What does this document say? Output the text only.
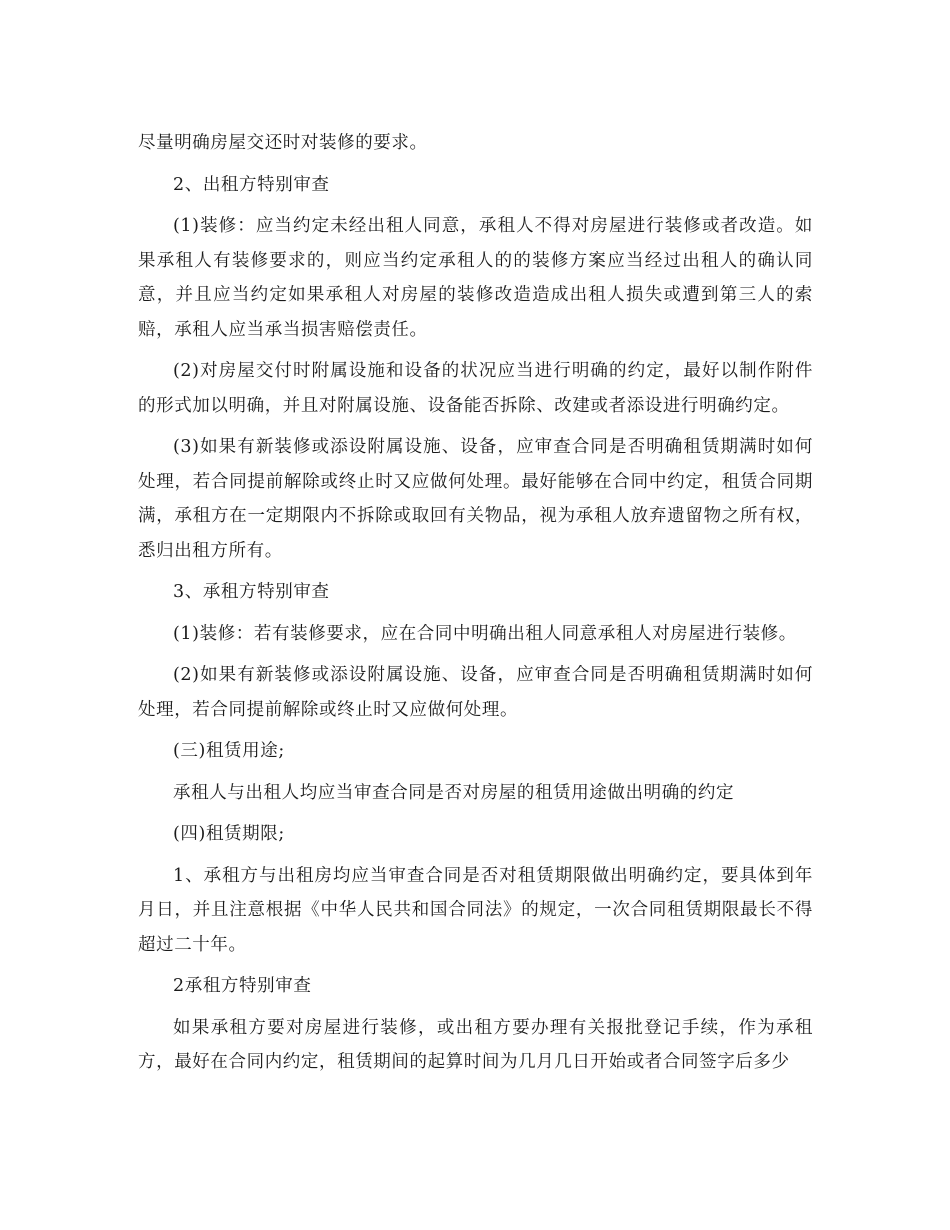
尽量明确房屋交还时对装修的要求。

2、出租方特别审查

(1)装修：应当约定未经出租人同意，承租人不得对房屋进行装修或者改造。如果承租人有装修要求的，则应当约定承租人的的装修方案应当经过出租人的确认同意，并且应当约定如果承租人对房屋的装修改造造成出租人损失或遭到第三人的索赔，承租人应当承当损害赔偿责任。

(2)对房屋交付时附属设施和设备的状况应当进行明确的约定，最好以制作附件的形式加以明确，并且对附属设施、设备能否拆除、改建或者添设进行明确约定。

(3)如果有新装修或添设附属设施、设备，应审查合同是否明确租赁期满时如何处理，若合同提前解除或终止时又应做何处理。最好能够在合同中约定，租赁合同期满，承租方在一定期限内不拆除或取回有关物品，视为承租人放弃遗留物之所有权，悉归出租方所有。

3、承租方特别审查

(1)装修：若有装修要求，应在合同中明确出租人同意承租人对房屋进行装修。

(2)如果有新装修或添设附属设施、设备，应审查合同是否明确租赁期满时如何处理，若合同提前解除或终止时又应做何处理。

(三)租赁用途;

承租人与出租人均应当审查合同是否对房屋的租赁用途做出明确的约定

(四)租赁期限;

1、承租方与出租房均应当审查合同是否对租赁期限做出明确约定，要具体到年月日，并且注意根据《中华人民共和国合同法》的规定，一次合同租赁期限最长不得超过二十年。

2承租方特别审查

如果承租方要对房屋进行装修，或出租方要办理有关报批登记手续，作为承租方，最好在合同内约定，租赁期间的起算时间为几月几日开始或者合同签字后多少
